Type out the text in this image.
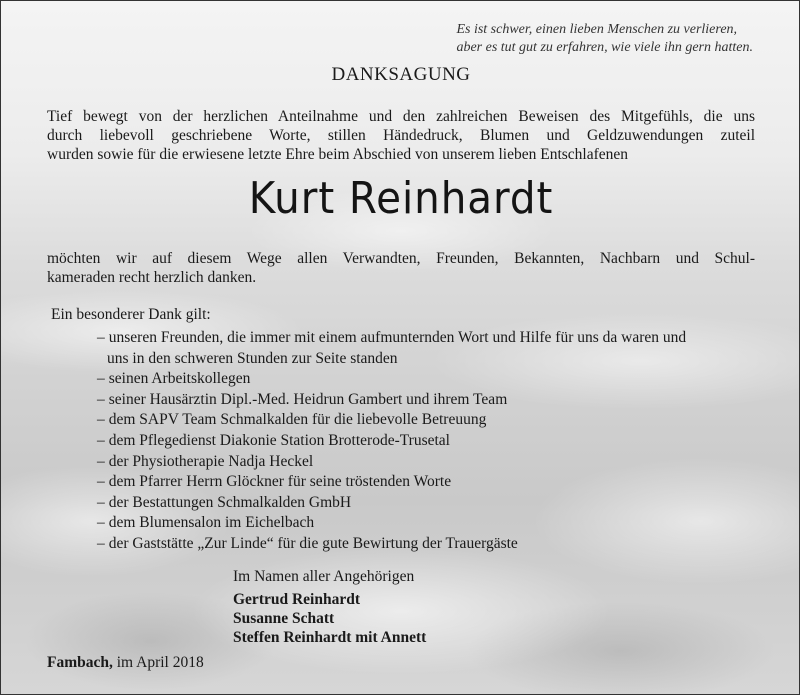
Es ist schwer, einen lieben Menschen zu verlieren,
aber es tut gut zu erfahren, wie viele ihn gern hatten.
DANKSAGUNG
Tief bewegt von der herzlichen Anteilnahme und den zahlreichen Beweisen des Mitgefühls, die uns
durch liebevoll geschriebene Worte, stillen Händedruck, Blumen und Geldzuwendungen zuteil
wurden sowie für die erwiesene letzte Ehre beim Abschied von unserem lieben Entschlafenen
Kurt Reinhardt
möchten wir auf diesem Wege allen Verwandten, Freunden, Bekannten, Nachbarn und Schul-
kameraden recht herzlich danken.
Ein besonderer Dank gilt:
– unseren Freunden, die immer mit einem aufmunternden Wort und Hilfe für uns da waren und
uns in den schweren Stunden zur Seite standen
– seinen Arbeitskollegen
– seiner Hausärztin Dipl.-Med. Heidrun Gambert und ihrem Team
– dem SAPV Team Schmalkalden für die liebevolle Betreuung
– dem Pflegedienst Diakonie Station Brotterode-Trusetal
– der Physiotherapie Nadja Heckel
– dem Pfarrer Herrn Glöckner für seine tröstenden Worte
– der Bestattungen Schmalkalden GmbH
– dem Blumensalon im Eichelbach
– der Gaststätte „Zur Linde“ für die gute Bewirtung der Trauergäste
Im Namen aller Angehörigen
Gertrud Reinhardt
Susanne Schatt
Steffen Reinhardt mit Annett
Fambach, im April 2018
